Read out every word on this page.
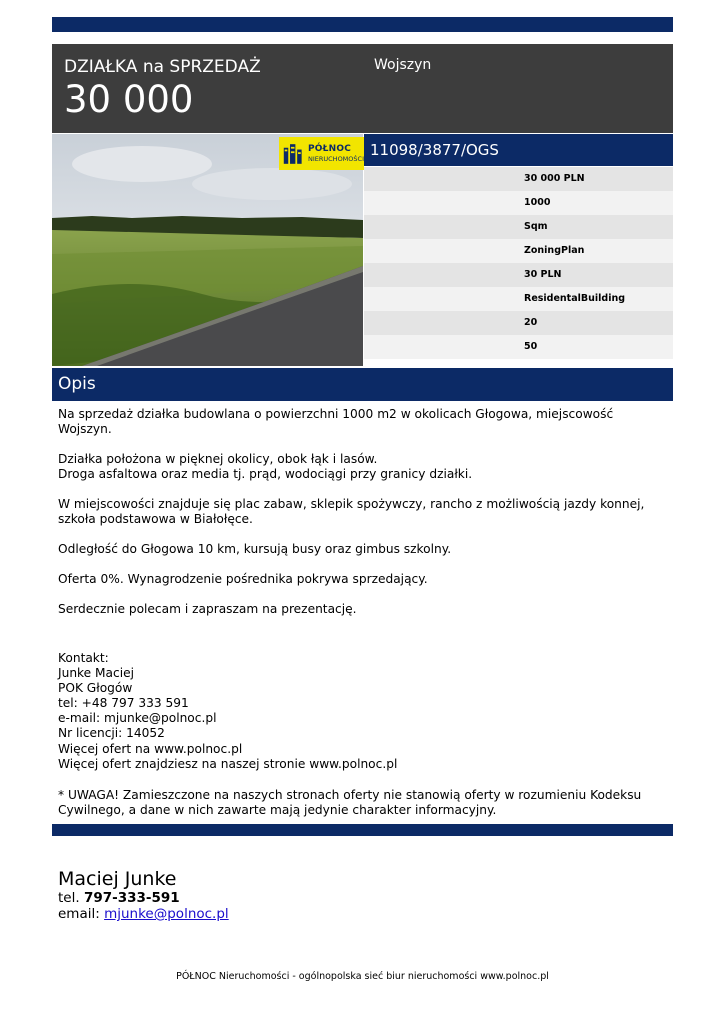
DZIAŁKA na SPRZEDAŻ
30 000
Wojszyn
PÓŁNOC
NIERUCHOMOŚCI 11098/3877/OGS
30 000 PLN
1000
Sqm
ZoningPlan
30 PLN
ResidentalBuilding
20
50
Opis

Na sprzedaż działka budowlana o powierzchni 1000 m2 w okolicach Głogowa, miejscowość Wojszyn.

Działka położona w pięknej okolicy, obok łąk i lasów.
Droga asfaltowa oraz media tj. prąd, wodociągi przy granicy działki.

W miejscowości znajduje się plac zabaw, sklepik spożywczy, rancho z możliwością jazdy konnej, szkoła podstawowa w Białołęce.

Odległość do Głogowa 10 km, kursują busy oraz gimbus szkolny.

Oferta 0%. Wynagrodzenie pośrednika pokrywa sprzedający.

Serdecznie polecam i zapraszam na prezentację.

Kontakt:
Junke Maciej
POK Głogów
tel: +48 797 333 591
e-mail: mjunke@polnoc.pl
Nr licencji: 14052
Więcej ofert na www.polnoc.pl
Więcej ofert znajdziesz na naszej stronie www.polnoc.pl
* UWAGA! Zamieszczone na naszych stronach oferty nie stanowią oferty w rozumieniu Kodeksu Cywilnego, a dane w nich zawarte mają jedynie charakter informacyjny.
Maciej Junke
tel. 797-333-591
email: mjunke@polnoc.pl
PÓŁNOC Nieruchomości - ogólnopolska sieć biur nieruchomości www.polnoc.pl
